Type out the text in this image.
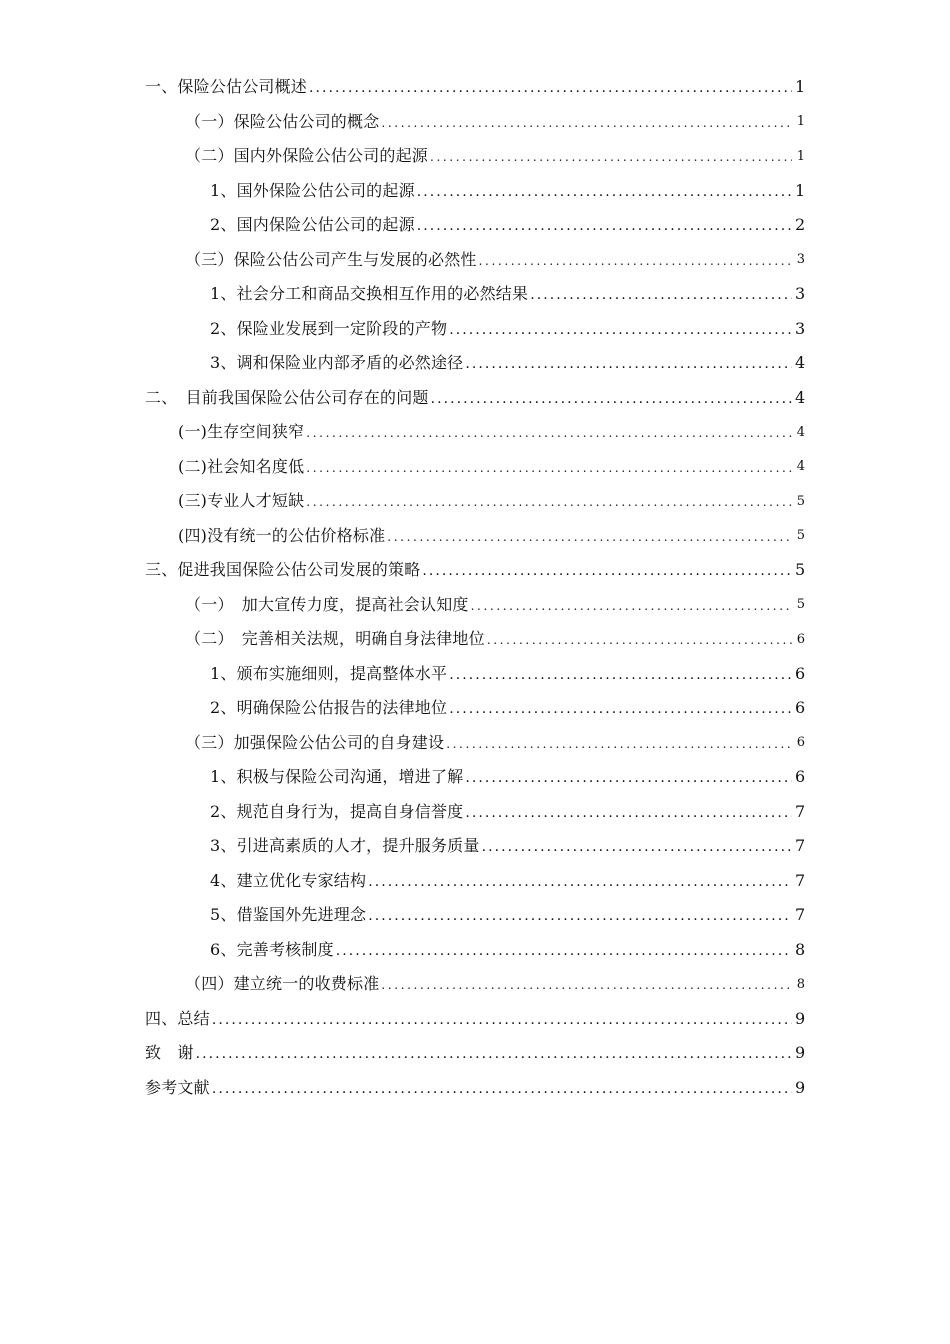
一、保险公估公司概述 . . .	1
（一）保险公估公司的概念 . . .	1
（二）国内外保险公估公司的起源 . . .	1
1、国外保险公估公司的起源 . . .	1
2、国内保险公估公司的起源 . . .	2
（三）保险公估公司产生与发展的必然性 . . .	3
1、社会分工和商品交换相互作用的必然结果 . . .	3
2、保险业发展到一定阶段的产物 . . .	3
3、调和保险业内部矛盾的必然途径 . . .	4
二、　目前我国保险公估公司存在的问题 . . .	4
(一)生存空间狭窄 . . .	4
(二)社会知名度低 . . .	4
(三)专业人才短缺 . . .	5
(四)没有统一的公估价格标准 . . .	5
三、促进我国保险公估公司发展的策略 . . .	5
（一）　加大宣传力度，提高社会认知度 . . .	5
（二）　完善相关法规，明确自身法律地位 . . .	6
1、颁布实施细则，提高整体水平 . . .	6
2、明确保险公估报告的法律地位 . . .	6
（三）加强保险公估公司的自身建设 . . .	6
1、积极与保险公司沟通，增进了解 . . .	6
2、规范自身行为，提高自身信誉度 . . .	7
3、引进高素质的人才，提升服务质量 . . .	7
4、建立优化专家结构 . . .	7
5、借鉴国外先进理念 . . .	7
6、完善考核制度 . . .	8
（四）建立统一的收费标准 . . .	8
四、总结 . . .	9
致　谢 . . .	9
参考文献 . . .	9
